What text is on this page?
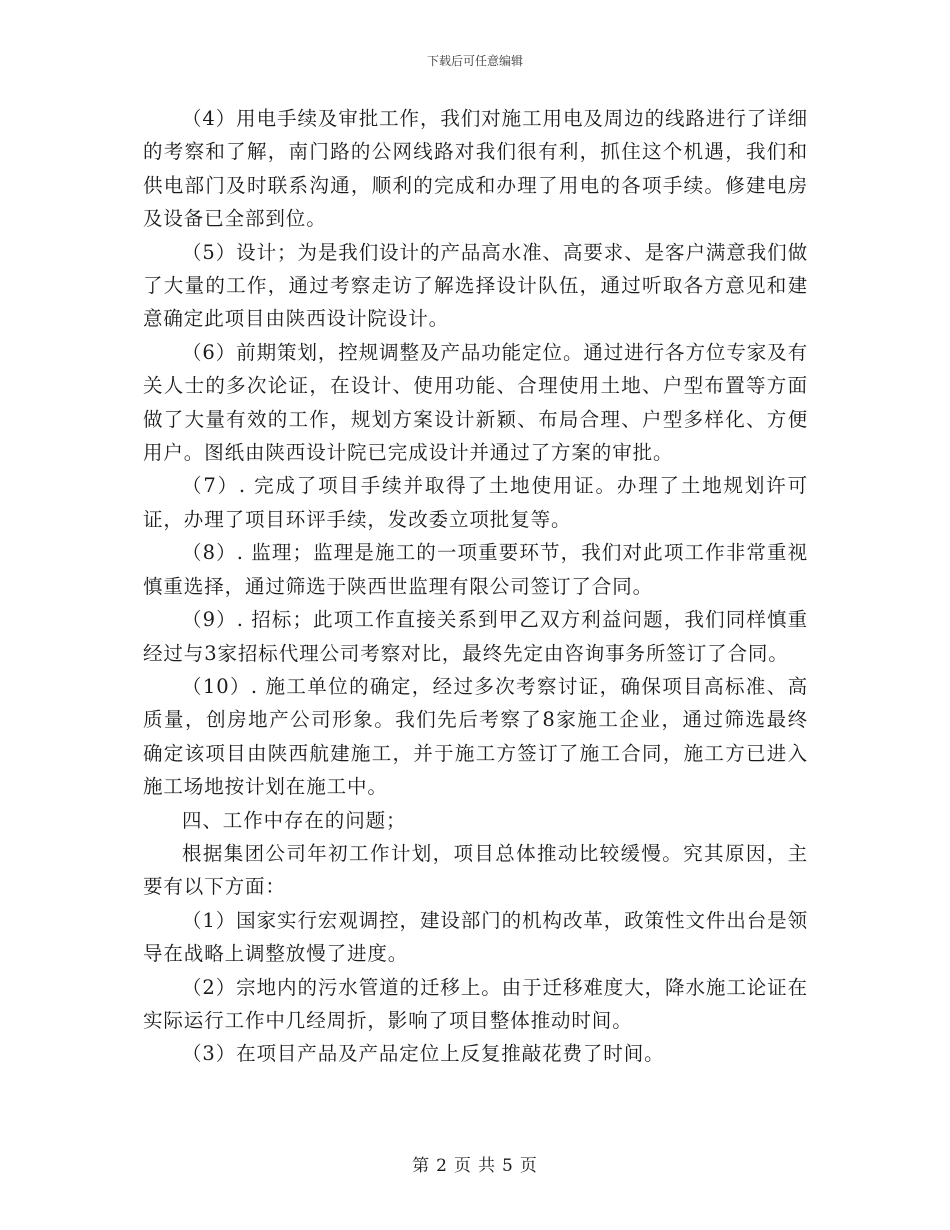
下载后可任意编辑

（4）用电手续及审批工作，我们对施工用电及周边的线路进行了详细的考察和了解，南门路的公网线路对我们很有利，抓住这个机遇，我们和供电部门及时联系沟通，顺利的完成和办理了用电的各项手续。修建电房及设备已全部到位。

（5）设计；为是我们设计的产品高水准、高要求、是客户满意我们做了大量的工作，通过考察走访了解选择设计队伍，通过听取各方意见和建意确定此项目由陕西设计院设计。

（6）前期策划，控规调整及产品功能定位。通过进行各方位专家及有关人士的多次论证，在设计、使用功能、合理使用土地、户型布置等方面做了大量有效的工作，规划方案设计新颖、布局合理、户型多样化、方便用户。图纸由陕西设计院已完成设计并通过了方案的审批。

（7）. 完成了项目手续并取得了土地使用证。办理了土地规划许可证，办理了项目环评手续，发改委立项批复等。

（8）. 监理；监理是施工的一项重要环节，我们对此项工作非常重视慎重选择，通过筛选于陕西世监理有限公司签订了合同。

（9）. 招标；此项工作直接关系到甲乙双方利益问题，我们同样慎重经过与3家招标代理公司考察对比，最终先定由咨询事务所签订了合同。

（10）. 施工单位的确定，经过多次考察讨证，确保项目高标准、高质量，创房地产公司形象。我们先后考察了8家施工企业，通过筛选最终确定该项目由陕西航建施工，并于施工方签订了施工合同，施工方已进入施工场地按计划在施工中。

四、工作中存在的问题；

根据集团公司年初工作计划，项目总体推动比较缓慢。究其原因，主要有以下方面：

（1）国家实行宏观调控，建设部门的机构改革，政策性文件出台是领导在战略上调整放慢了进度。

（2）宗地内的污水管道的迁移上。由于迁移难度大，降水施工论证在实际运行工作中几经周折，影响了项目整体推动时间。

（3）在项目产品及产品定位上反复推敲花费了时间。

第 2 页 共 5 页
